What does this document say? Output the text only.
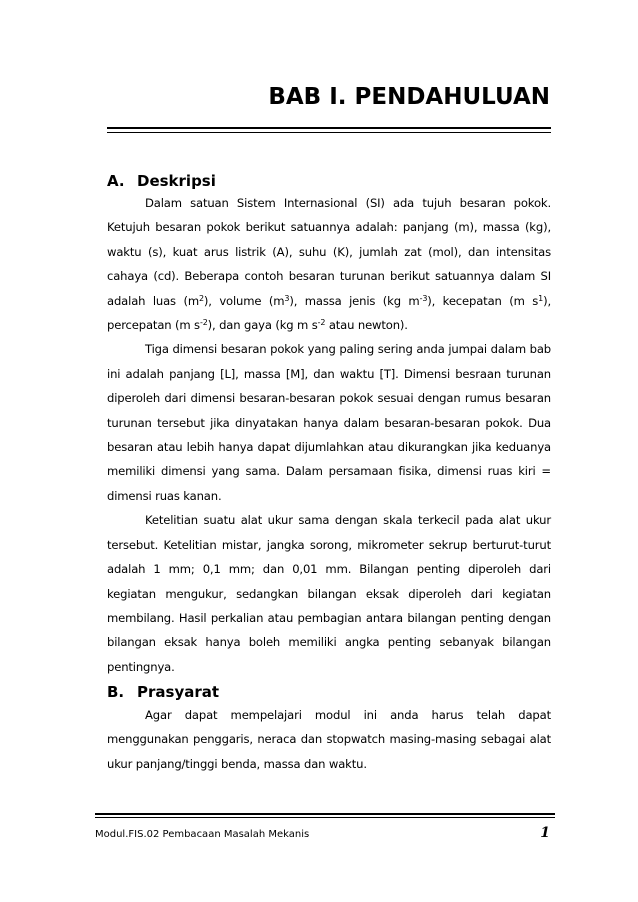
BAB I. PENDAHULUAN
A. Deskripsi

Dalam satuan Sistem Internasional (SI) ada tujuh besaran pokok. Ketujuh besaran pokok berikut satuannya adalah: panjang (m), massa (kg), waktu (s), kuat arus listrik (A), suhu (K), jumlah zat (mol), dan intensitas cahaya (cd). Beberapa contoh besaran turunan berikut satuannya dalam SI adalah luas $(m^2)$, volume $(m^3)$, massa jenis (kg $m^{-3}$), kecepatan (m $s^1$), percepatan (m $s^{-2}$), dan gaya (kg m $s^{-2}$ atau newton).

Tiga dimensi besaran pokok yang paling sering anda jumpai dalam bab ini adalah panjang [L], massa [M], dan waktu [T]. Dimensi besraan turunan diperoleh dari dimensi besaran-besaran pokok sesuai dengan rumus besaran turunan tersebut jika dinyatakan hanya dalam besaran-besaran pokok. Dua besaran atau lebih hanya dapat dijumlahkan atau dikurangkan jika keduanya memiliki dimensi yang sama. Dalam persamaan fisika, dimensi ruas kiri = dimensi ruas kanan.

Ketelitian suatu alat ukur sama dengan skala terkecil pada alat ukur tersebut. Ketelitian mistar, jangka sorong, mikrometer sekrup berturut-turut adalah 1 mm; 0,1 mm; dan 0,01 mm. Bilangan penting diperoleh dari kegiatan mengukur, sedangkan bilangan eksak diperoleh dari kegiatan membilang. Hasil perkalian atau pembagian antara bilangan penting dengan bilangan eksak hanya boleh memiliki angka penting sebanyak bilangan pentingnya.

B. Prasyarat

Agar dapat mempelajari modul ini anda harus telah dapat menggunakan penggaris, neraca dan stopwatch masing-masing sebagai alat ukur panjang/tinggi benda, massa dan waktu.

Modul.FIS.02 Pembacaan Masalah Mekanis	1
